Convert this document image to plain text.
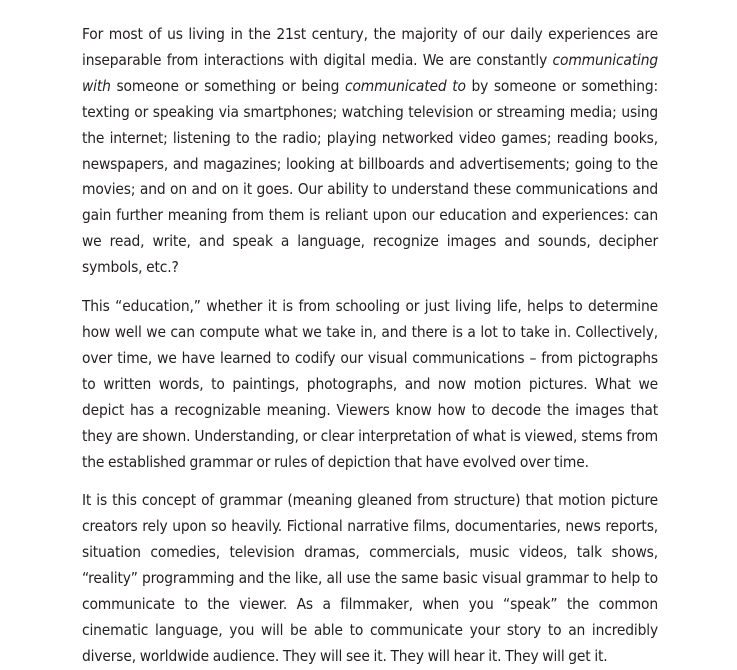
For most of us living in the 21st century, the majority of our daily experiences are inseparable from interactions with digital media. We are constantly communicating with someone or something or being communicated to by someone or something: texting or speaking via smartphones; watching television or streaming media; using the internet; listening to the radio; playing networked video games; reading books, newspapers, and magazines; looking at billboards and advertisements; going to the movies; and on and on it goes. Our ability to understand these communications and gain further meaning from them is reliant upon our education and experiences: can we read, write, and speak a language, recognize images and sounds, decipher symbols, etc.?

This “education,” whether it is from schooling or just living life, helps to determine how well we can compute what we take in, and there is a lot to take in. Collectively, over time, we have learned to codify our visual communications – from pictographs to written words, to paintings, photographs, and now motion pictures. What we depict has a recognizable meaning. Viewers know how to decode the images that they are shown. Understanding, or clear interpretation of what is viewed, stems from the established grammar or rules of depiction that have evolved over time.

It is this concept of grammar (meaning gleaned from structure) that motion picture creators rely upon so heavily. Fictional narrative films, documentaries, news reports, situation comedies, television dramas, commercials, music videos, talk shows, “reality” programming and the like, all use the same basic visual grammar to help to communicate to the viewer. As a filmmaker, when you “speak” the common cinematic language, you will be able to communicate your story to an incredibly diverse, worldwide audience. They will see it. They will hear it. They will get it.
